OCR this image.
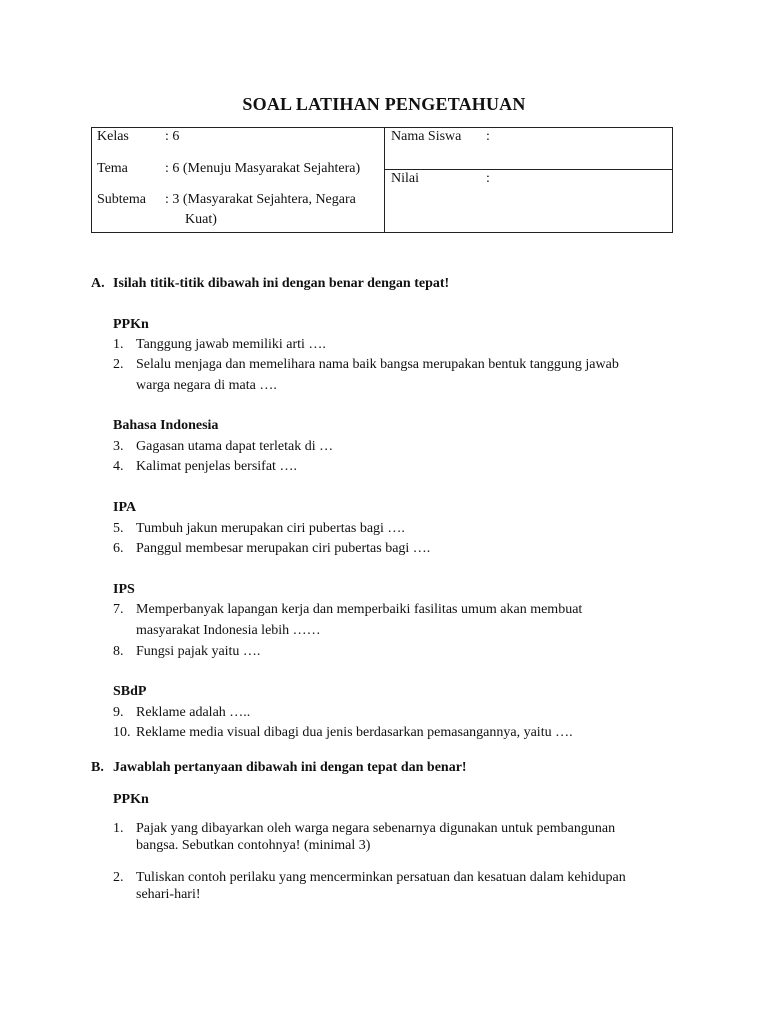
SOAL LATIHAN PENGETAHUAN
Kelas	: 6
Tema	: 6 (Menuju Masyarakat Sejahtera)
Subtema : 3 (Masyarakat Sejahtera, Negara
Kuat)

Nama Siswa :

Nilai	:
A. Isilah titik-titik dibawah ini dengan benar dengan tepat!
PPKn
1. Tanggung jawab memiliki arti ….
2. Selalu menjaga dan memelihara nama baik bangsa merupakan bentuk tanggung jawab
warga negara di mata ….
Bahasa Indonesia
3. Gagasan utama dapat terletak di …
4. Kalimat penjelas bersifat ….
IPA
5. Tumbuh jakun merupakan ciri pubertas bagi ….
6. Panggul membesar merupakan ciri pubertas bagi ….
IPS
7. Memperbanyak lapangan kerja dan memperbaiki fasilitas umum akan membuat
masyarakat Indonesia lebih ……
8. Fungsi pajak yaitu ….
SBdP
9. Reklame adalah …..
10. Reklame media visual dibagi dua jenis berdasarkan pemasangannya, yaitu ….
B. Jawablah pertanyaan dibawah ini dengan tepat dan benar!
PPKn
1. Pajak yang dibayarkan oleh warga negara sebenarnya digunakan untuk pembangunan
bangsa. Sebutkan contohnya! (minimal 3)
2. Tuliskan contoh perilaku yang mencerminkan persatuan dan kesatuan dalam kehidupan
sehari-hari!
